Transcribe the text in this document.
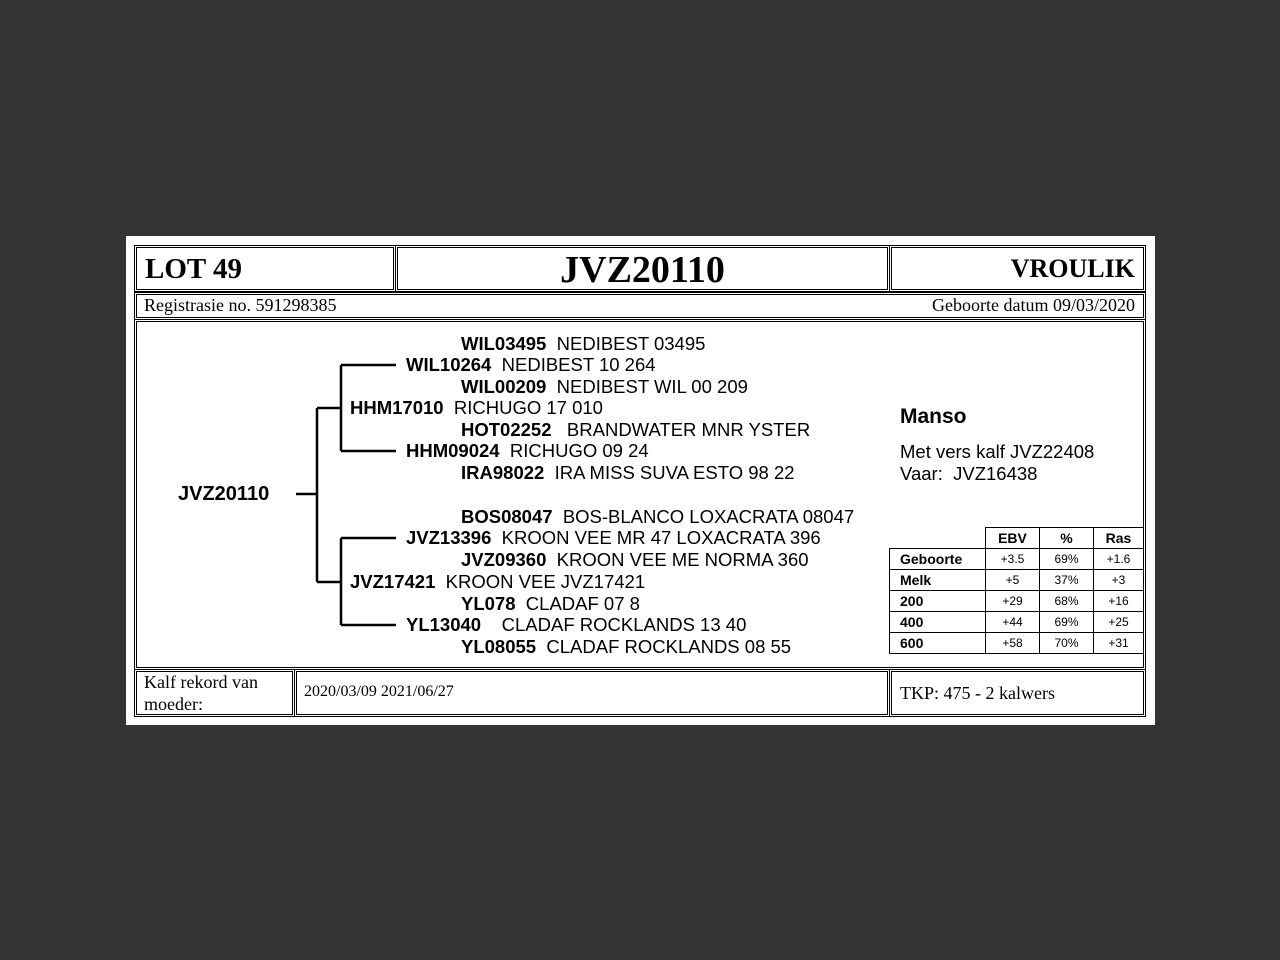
LOT 49	JVZ20110	VROULIK
Registrasie no. 591298385	Geboorte datum 09/03/2020
Kalf rekord van moeder:
2020/03/09 2021/06/27	TKP: 475 - 2 kalwers
JVZ20110
WIL03495 NEDIBEST 03495
WIL10264 NEDIBEST 10 264
WIL00209 NEDIBEST WIL 00 209
HHM17010 RICHUGO 17 010
HOT02252   BRANDWATER MNR YSTER
HHM09024 RICHUGO 09 24
IRA98022 IRA MISS SUVA ESTO 98 22
BOS08047 BOS-BLANCO LOXACRATA 08047
JVZ13396 KROON VEE MR 47 LOXACRATA 396
JVZ09360 KROON VEE ME NORMA 360
JVZ17421 KROON VEE JVZ17421
YL078 CLADAF 07 8
YL13040    CLADAF ROCKLANDS 13 40
YL08055 CLADAF ROCKLANDS 08 55
Manso
Met vers kalf JVZ22408
Vaar:  JVZ16438
	EBV	%	Ras
Geboorte	+3.5	69%	+1.6
Melk	+5	37%	+3
200	+29	68%	+16
400	+44	69%	+25
600	+58	70%	+31
